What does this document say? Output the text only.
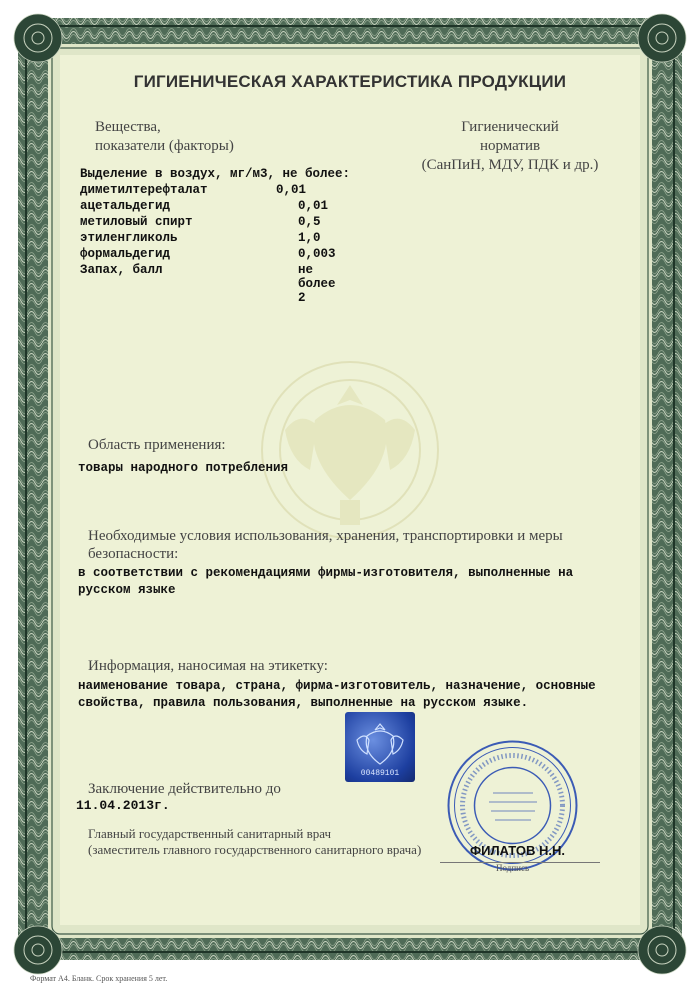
ГИГИЕНИЧЕСКАЯ ХАРАКТЕРИСТИКА ПРОДУКЦИИ
Вещества,
показатели (факторы)
Гигиенический
норматив
(СанПиН, МДУ, ПДК и др.)
Выделение в воздух, мг/м3, не более:
диметилтерефталат	0,01
ацетальдегид	0,01
метиловый спирт	0,5
этиленгликоль	1,0
формальдегид	0,003
Запах, балл	не более 2
Область применения:
товары народного потребления
Необходимые условия использования, хранения, транспортировки и меры
безопасности:
в соответствии с рекомендациями фирмы-изготовителя, выполненные на
русском языке
Информация, наносимая на этикетку:
наименование товара, страна, фирма-изготовитель, назначение, основные
свойства, правила пользования, выполненные на русском языке.
00489101
Заключение действительно до
11.04.2013г.
Главный государственный санитарный врач
(заместитель главного государственного санитарного врача)	ФИЛАТОВ Н.Н.
Подпись
Формат А4. Бланк. Срок хранения 5 лет.
